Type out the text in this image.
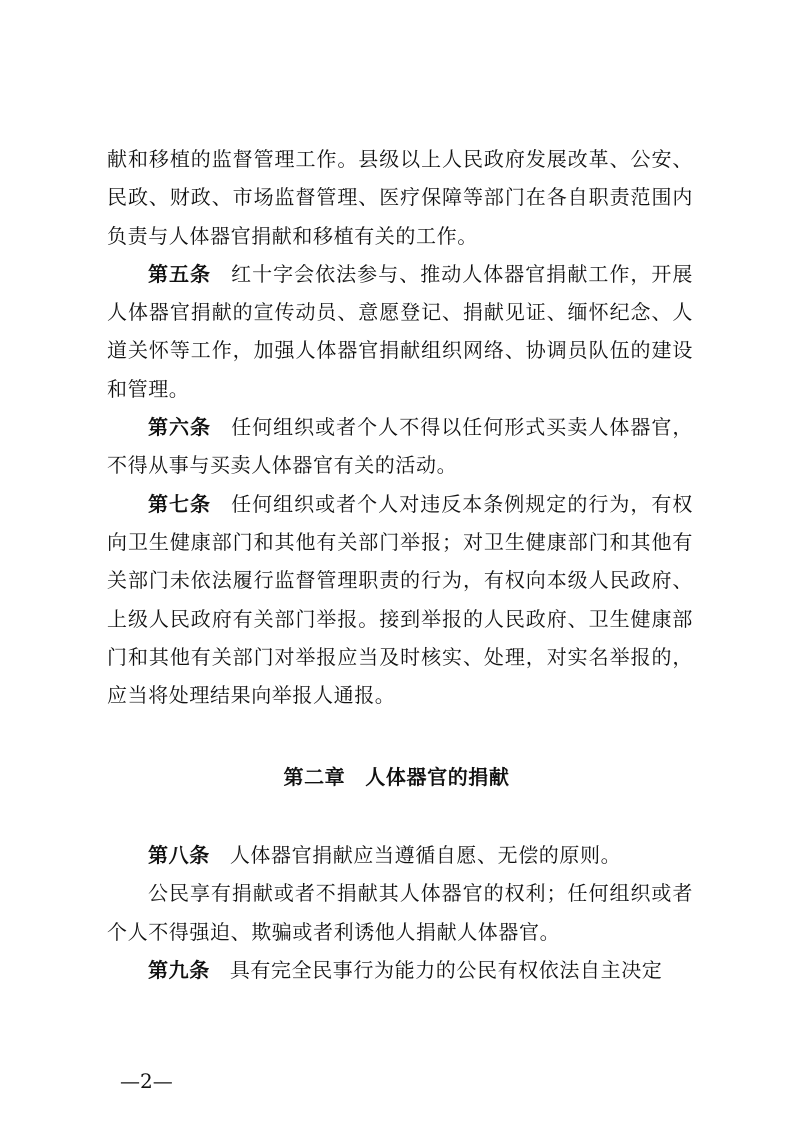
献和移植的监督管理工作。县级以上人民政府发展改革、公安、民政、财政、市场监督管理、医疗保障等部门在各自职责范围内负责与人体器官捐献和移植有关的工作。

第五条 红十字会依法参与、推动人体器官捐献工作，开展人体器官捐献的宣传动员、意愿登记、捐献见证、缅怀纪念、人道关怀等工作，加强人体器官捐献组织网络、协调员队伍的建设和管理。

第六条 任何组织或者个人不得以任何形式买卖人体器官，不得从事与买卖人体器官有关的活动。

第七条 任何组织或者个人对违反本条例规定的行为，有权向卫生健康部门和其他有关部门举报；对卫生健康部门和其他有关部门未依法履行监督管理职责的行为，有权向本级人民政府、上级人民政府有关部门举报。接到举报的人民政府、卫生健康部门和其他有关部门对举报应当及时核实、处理，对实名举报的，应当将处理结果向举报人通报。

第二章 人体器官的捐献

第八条 人体器官捐献应当遵循自愿、无偿的原则。

公民享有捐献或者不捐献其人体器官的权利；任何组织或者个人不得强迫、欺骗或者利诱他人捐献人体器官。

第九条 具有完全民事行为能力的公民有权依法自主决定

—2—
